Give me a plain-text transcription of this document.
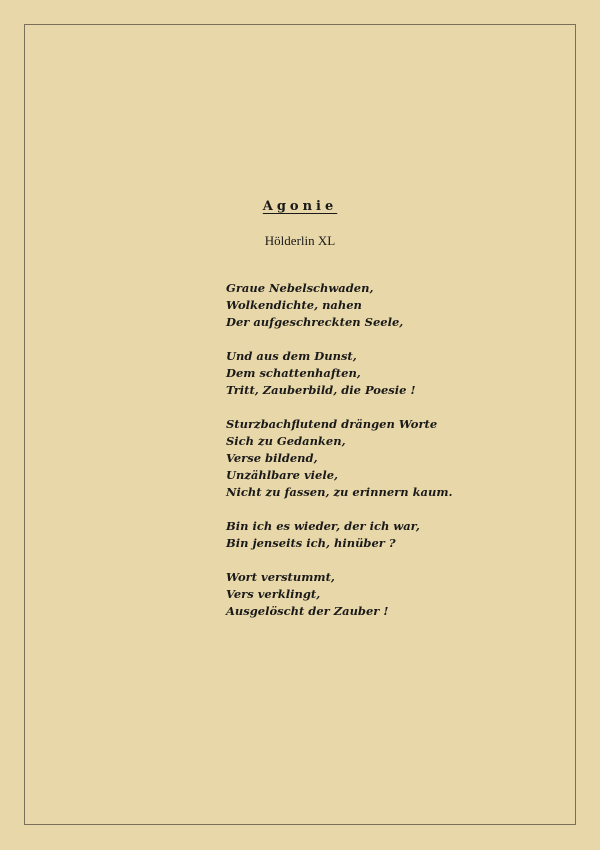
Agonie
Hölderlin XL
Graue Nebelschwaden,
Wolkendichte, nahen
Der aufgeschreckten Seele,
Und aus dem Dunst,
Dem schattenhaften,
Tritt, Zauberbild, die Poesie !
Sturzbachflutend drängen Worte
Sich zu Gedanken,
Verse bildend,
Unzählbare viele,
Nicht zu fassen, zu erinnern kaum.
Bin ich es wieder, der ich war,
Bin jenseits ich, hinüber ?
Wort verstummt,
Vers verklingt,
Ausgelöscht der Zauber !
